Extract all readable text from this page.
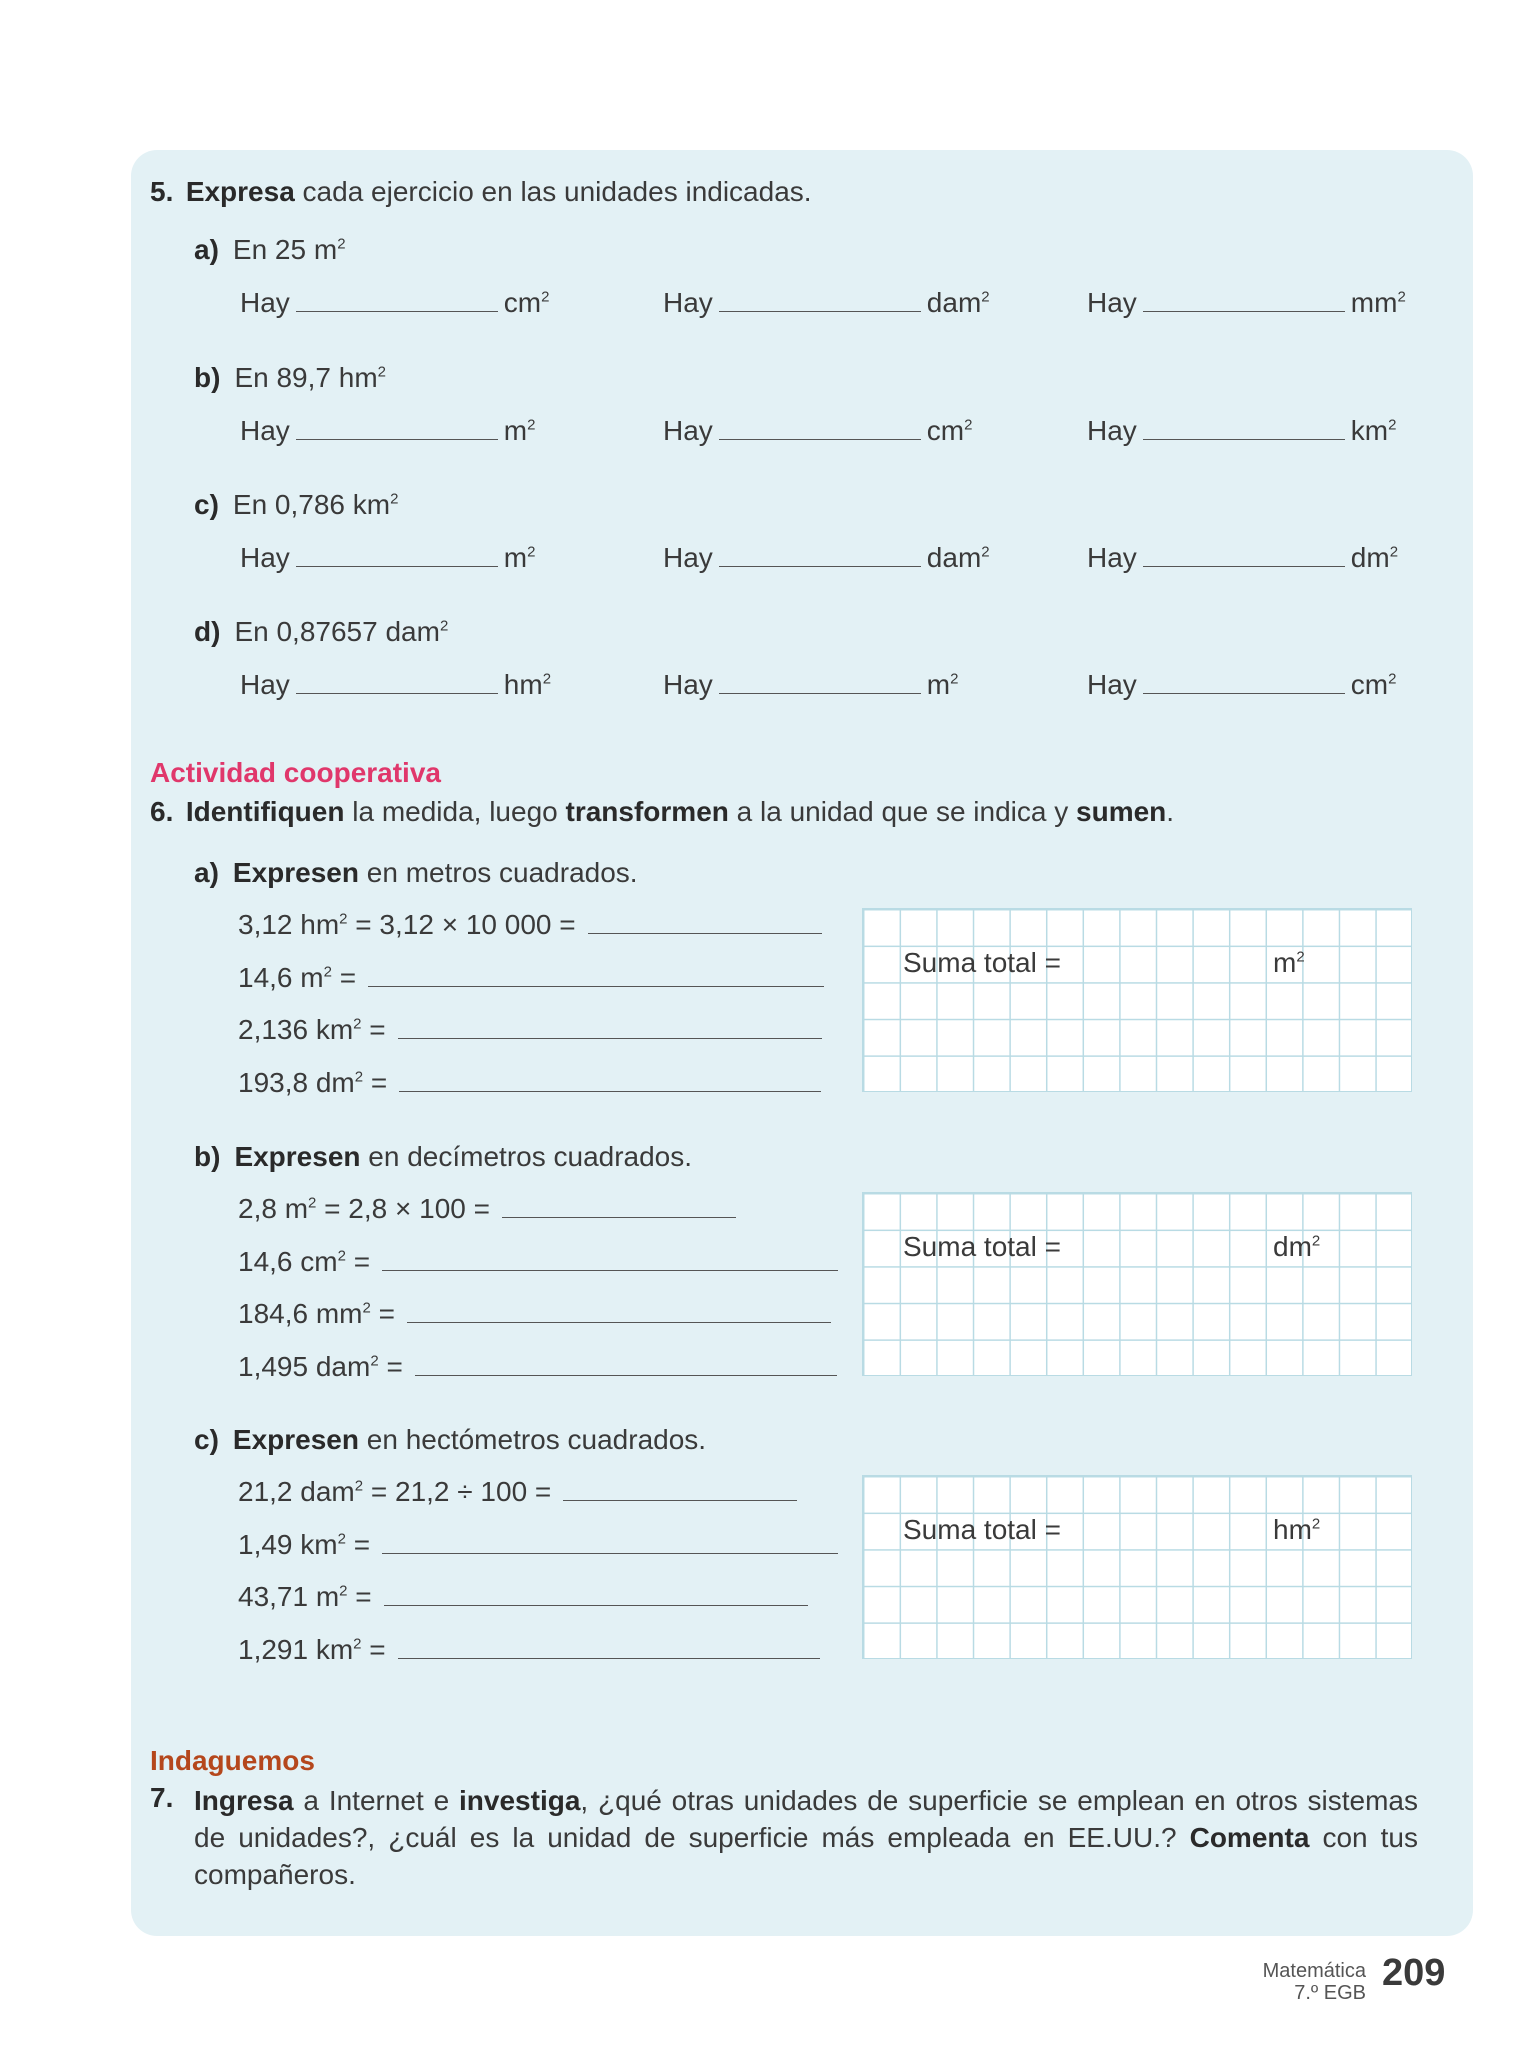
5. Expresa cada ejercicio en las unidades indicadas.
a) En 25 $m^2$
Hay	$cm^2$	Hay	dam$^2$	Hay	$mm^2$
b) En 89,7 $hm^2$
Hay	$m^2$	Hay	$cm^2$	Hay	$km^2$
c) En 0,786 $km^2$
Hay	$m^2$	Hay	dam$^2$	Hay	$dm^2$
d) En 0,87657 dam$^2$
Hay	$hm^2$	Hay	$m^2$	Hay	$cm^2$
Actividad cooperativa
6. Identifiquen la medida, luego transformen a la unidad que se indica y sumen.
a) Expresen en metros cuadrados.
3,12 $hm^2 = 3,12 \times 10$ 000 =
14,6 $m^2$ =
2,136 $km^2$ =
193,8 $dm^2$ =
Suma total =	$m^2$
b) Expresen en decímetros cuadrados.
2,8 $m^2 = 2,8 \times 100$ =
14,6 $cm^2$ =
184,6 $mm^2$ =
1,495 dam$^2$ =
Suma total =	$dm^2$
c) Expresen en hectómetros cuadrados.
21,2 dam$^2$ = 21,2 ÷ 100 =
1,49 $km^2$ =
43,71 $m^2$ =
1,291 $km^2$ =
Suma total =	$hm^2$
Indaguemos
7. Ingresa a Internet e investiga, ¿qué otras unidades de superficie se emplean en otros sistemas de unidades?, ¿cuál es la unidad de superficie más empleada en EE.UU.? Comenta con tus compañeros.
Matemática
7.º EGB 209
